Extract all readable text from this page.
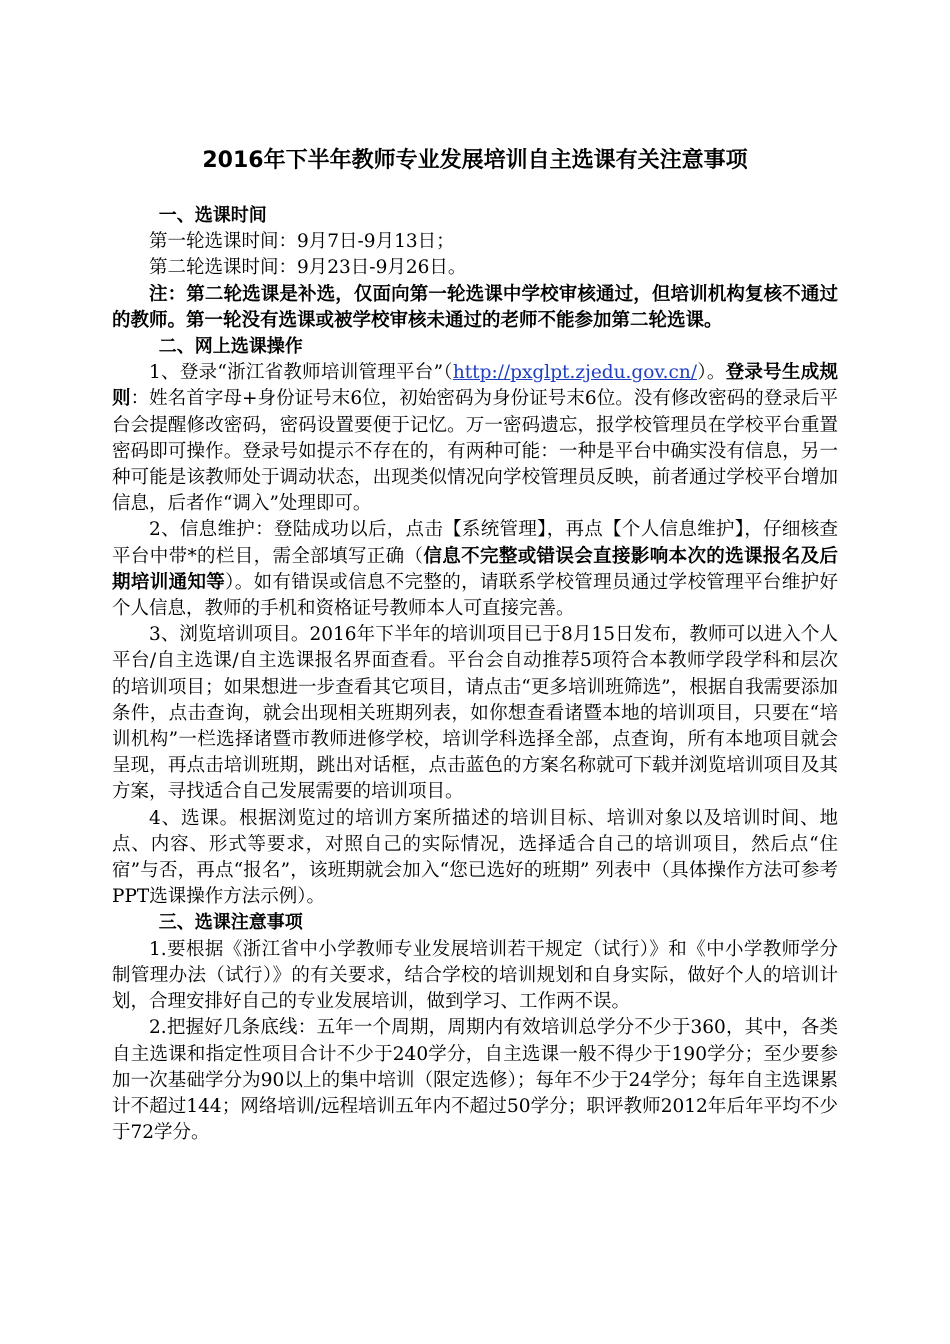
2016年下半年教师专业发展培训自主选课有关注意事项

一、选课时间

第一轮选课时间：9月7日-9月13日；

第二轮选课时间：9月23日-9月26日。

注：第二轮选课是补选，仅面向第一轮选课中学校审核通过，但培训机构复核不通过的教师。第一轮没有选课或被学校审核未通过的老师不能参加第二轮选课。

二、网上选课操作

1、登录“浙江省教师培训管理平台”（http://pxglpt.zjedu.gov.cn/）。登录号生成规则：姓名首字母+身份证号末6位，初始密码为身份证号末6位。没有修改密码的登录后平台会提醒修改密码，密码设置要便于记忆。万一密码遗忘，报学校管理员在学校平台重置密码即可操作。登录号如提示不存在的，有两种可能：一种是平台中确实没有信息，另一种可能是该教师处于调动状态，出现类似情况向学校管理员反映，前者通过学校平台增加信息，后者作“调入”处理即可。

2、信息维护：登陆成功以后，点击【系统管理】，再点【个人信息维护】，仔细核查平台中带*的栏目，需全部填写正确（信息不完整或错误会直接影响本次的选课报名及后期培训通知等）。如有错误或信息不完整的，请联系学校管理员通过学校管理平台维护好个人信息，教师的手机和资格证号教师本人可直接完善。

3、浏览培训项目。2016年下半年的培训项目已于8月15日发布，教师可以进入个人平台/自主选课/自主选课报名界面查看。平台会自动推荐5项符合本教师学段学科和层次的培训项目；如果想进一步查看其它项目，请点击“更多培训班筛选”，根据自我需要添加条件，点击查询，就会出现相关班期列表，如你想查看诸暨本地的培训项目，只要在“培训机构”一栏选择诸暨市教师进修学校，培训学科选择全部，点查询，所有本地项目就会呈现，再点击培训班期，跳出对话框，点击蓝色的方案名称就可下载并浏览培训项目及其方案，寻找适合自己发展需要的培训项目。

4、选课。根据浏览过的培训方案所描述的培训目标、培训对象以及培训时间、地点、内容、形式等要求，对照自己的实际情况，选择适合自己的培训项目，然后点“住宿”与否，再点“报名”，该班期就会加入“您已选好的班期” 列表中（具体操作方法可参考PPT选课操作方法示例）。

三、选课注意事项

1.要根据《浙江省中小学教师专业发展培训若干规定（试行）》和《中小学教师学分制管理办法（试行）》的有关要求，结合学校的培训规划和自身实际，做好个人的培训计划，合理安排好自己的专业发展培训，做到学习、工作两不误。

2.把握好几条底线：五年一个周期，周期内有效培训总学分不少于360，其中，各类自主选课和指定性项目合计不少于240学分，自主选课一般不得少于190学分；至少要参加一次基础学分为90以上的集中培训（限定选修）；每年不少于24学分；每年自主选课累计不超过144；网络培训/远程培训五年内不超过50学分；职评教师2012年后年平均不少于72学分。
